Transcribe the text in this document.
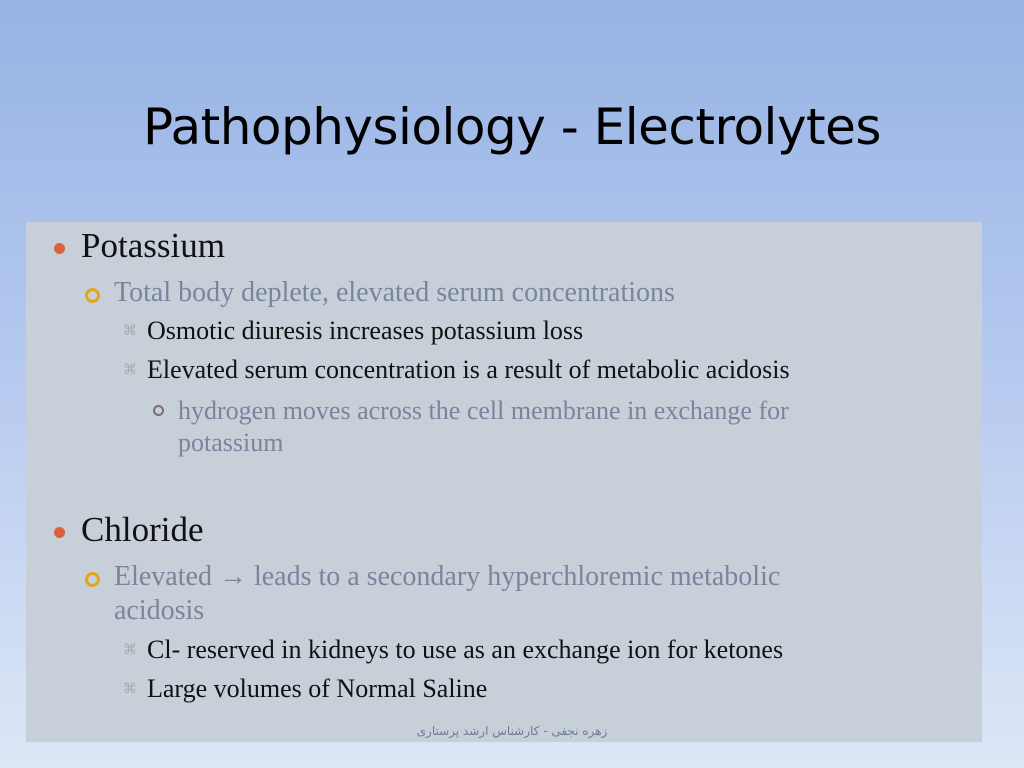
Pathophysiology - Electrolytes
Potassium
Total body deplete, elevated serum concentrations
⌘ Osmotic diuresis increases potassium loss
⌘ Elevated serum concentration is a result of metabolic acidosis
hydrogen moves across the cell membrane in exchange for
potassium
Chloride
Elevated → leads to a secondary hyperchloremic metabolic
acidosis
⌘ Cl- reserved in kidneys to use as an exchange ion for ketones
⌘ Large volumes of Normal Saline
زهره نجفی - کارشناس ارشد پرستاری
